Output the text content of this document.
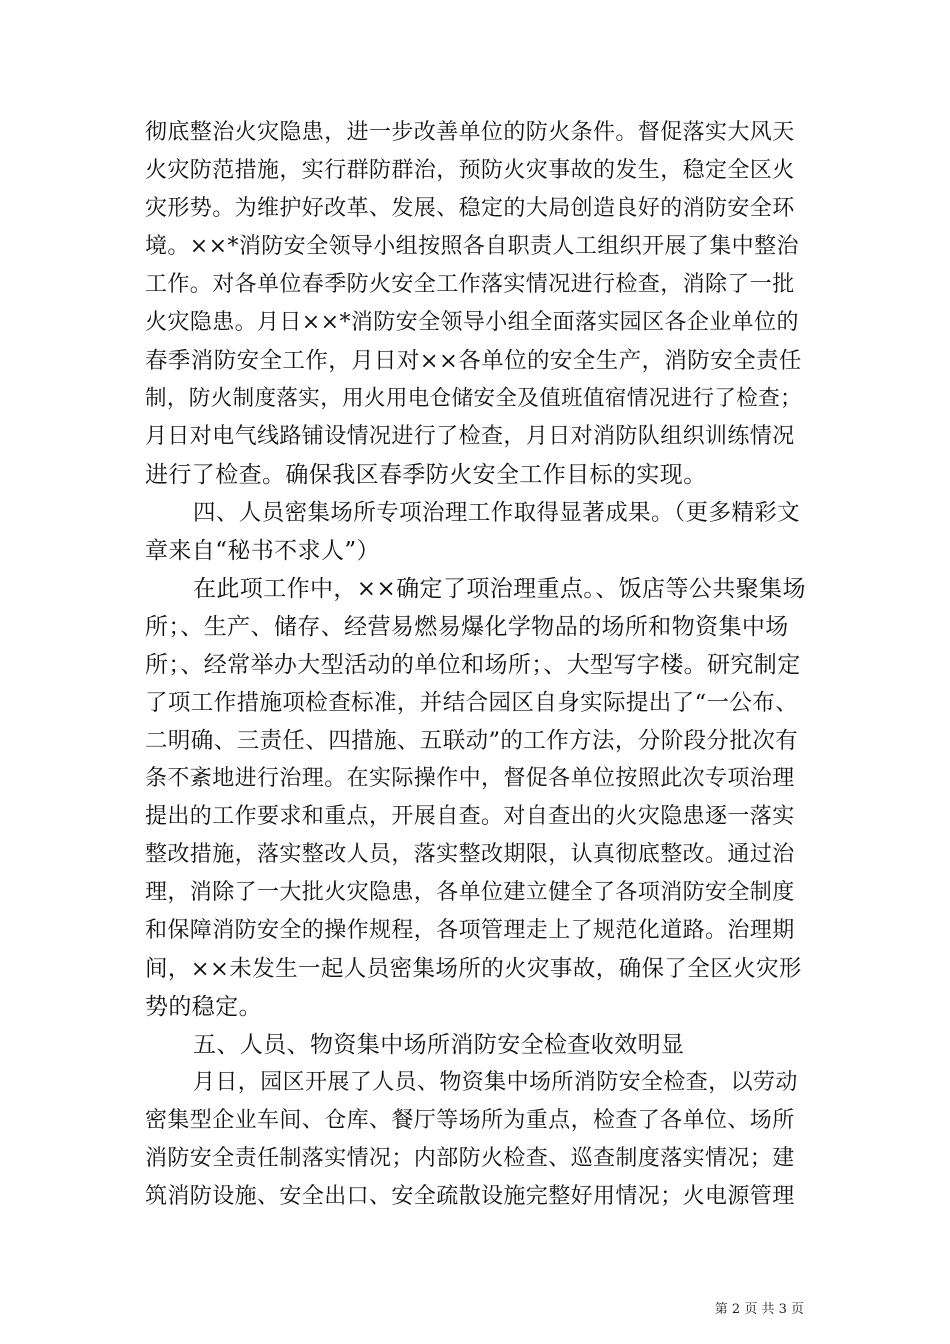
彻底整治火灾隐患，进一步改善单位的防火条件。督促落实大风天
火灾防范措施，实行群防群治，预防火灾事故的发生，稳定全区火
灾形势。为维护好改革、发展、稳定的大局创造良好的消防安全环
境。××*消防安全领导小组按照各自职责人工组织开展了集中整治
工作。对各单位春季防火安全工作落实情况进行检查，消除了一批
火灾隐患。月日××*消防安全领导小组全面落实园区各企业单位的
春季消防安全工作，月日对××各单位的安全生产，消防安全责任
制，防火制度落实，用火用电仓储安全及值班值宿情况进行了检查；
月日对电气线路铺设情况进行了检查，月日对消防队组织训练情况
进行了检查。确保我区春季防火安全工作目标的实现。
四、人员密集场所专项治理工作取得显著成果。（更多精彩文
章来自“秘书不求人”）
在此项工作中，××确定了项治理重点。、饭店等公共聚集场
所；、生产、储存、经营易燃易爆化学物品的场所和物资集中场
所；、经常举办大型活动的单位和场所；、大型写字楼。研究制定
了项工作措施项检查标准，并结合园区自身实际提出了“一公布、
二明确、三责任、四措施、五联动”的工作方法，分阶段分批次有
条不紊地进行治理。在实际操作中，督促各单位按照此次专项治理
提出的工作要求和重点，开展自查。对自查出的火灾隐患逐一落实
整改措施，落实整改人员，落实整改期限，认真彻底整改。通过治
理，消除了一大批火灾隐患，各单位建立健全了各项消防安全制度
和保障消防安全的操作规程，各项管理走上了规范化道路。治理期
间，××未发生一起人员密集场所的火灾事故，确保了全区火灾形
势的稳定。
五、人员、物资集中场所消防安全检查收效明显
月日，园区开展了人员、物资集中场所消防安全检查，以劳动
密集型企业车间、仓库、餐厅等场所为重点，检查了各单位、场所
消防安全责任制落实情况；内部防火检查、巡查制度落实情况；建
筑消防设施、安全出口、安全疏散设施完整好用情况；火电源管理
第 2 页 共 3 页
